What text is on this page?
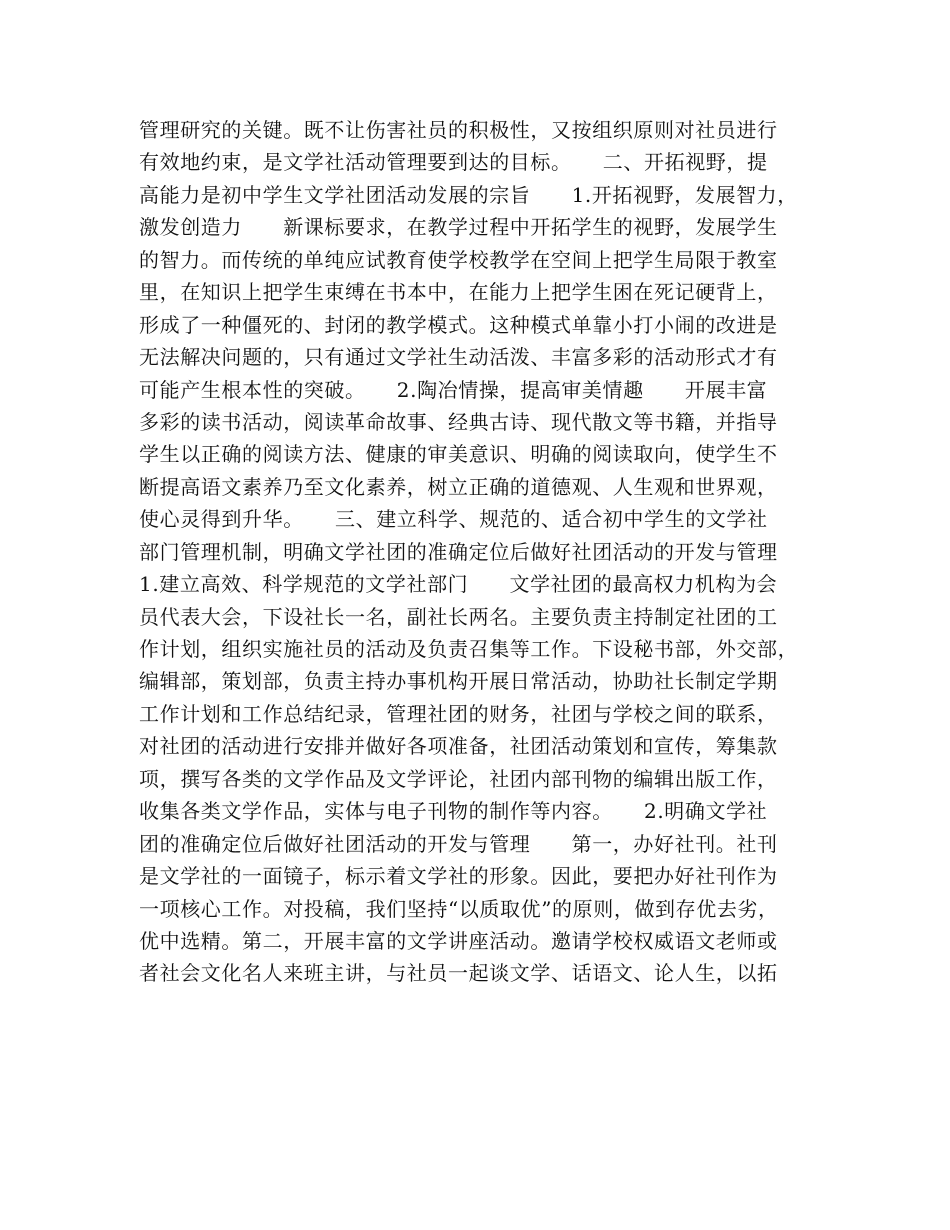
管理研究的关键。既不让伤害社员的积极性，又按组织原则对社员进行
有效地约束，是文学社活动管理要到达的目标。　　二、开拓视野，提
高能力是初中学生文学社团活动发展的宗旨　　1.开拓视野，发展智力，
激发创造力　　新课标要求，在教学过程中开拓学生的视野，发展学生
的智力。而传统的单纯应试教育使学校教学在空间上把学生局限于教室
里，在知识上把学生束缚在书本中，在能力上把学生困在死记硬背上，
形成了一种僵死的、封闭的教学模式。这种模式单靠小打小闹的改进是
无法解决问题的，只有通过文学社生动活泼、丰富多彩的活动形式才有
可能产生根本性的突破。　　2.陶冶情操，提高审美情趣　　开展丰富
多彩的读书活动，阅读革命故事、经典古诗、现代散文等书籍，并指导
学生以正确的阅读方法、健康的审美意识、明确的阅读取向，使学生不
断提高语文素养乃至文化素养，树立正确的道德观、人生观和世界观，
使心灵得到升华。　　三、建立科学、规范的、适合初中学生的文学社
部门管理机制，明确文学社团的准确定位后做好社团活动的开发与管理
1.建立高效、科学规范的文学社部门　　文学社团的最高权力机构为会
员代表大会，下设社长一名，副社长两名。主要负责主持制定社团的工
作计划，组织实施社员的活动及负责召集等工作。下设秘书部，外交部，
编辑部，策划部，负责主持办事机构开展日常活动，协助社长制定学期
工作计划和工作总结纪录，管理社团的财务，社团与学校之间的联系，
对社团的活动进行安排并做好各项准备，社团活动策划和宣传，筹集款
项，撰写各类的文学作品及文学评论，社团内部刊物的编辑出版工作，
收集各类文学作品，实体与电子刊物的制作等内容。　　2.明确文学社
团的准确定位后做好社团活动的开发与管理　　第一，办好社刊。社刊
是文学社的一面镜子，标示着文学社的形象。因此，要把办好社刊作为
一项核心工作。对投稿，我们坚持“以质取优”的原则，做到存优去劣，
优中选精。第二，开展丰富的文学讲座活动。邀请学校权威语文老师或
者社会文化名人来班主讲，与社员一起谈文学、话语文、论人生，以拓
